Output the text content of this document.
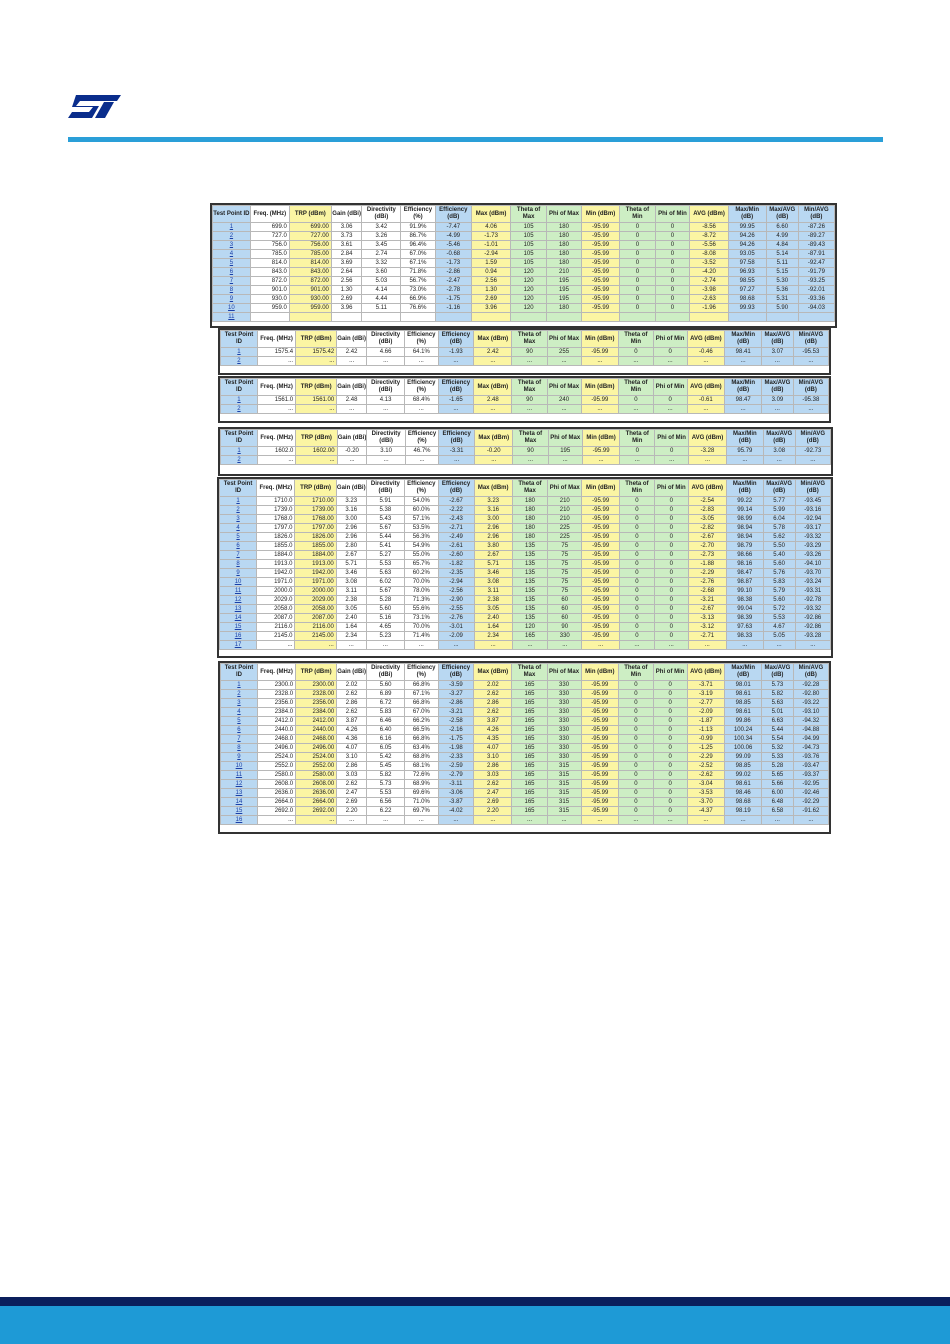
Test Point ID	Freq. (MHz)	TRP (dBm)	Gain (dBi)	Directivity (dBi)	Efficiency (%)	Efficiency (dB)	Max (dBm)	Theta of Max	Phi of Max	Min (dBm)	Theta of Min	Phi of Min	AVG (dBm)	Max/Min (dB)	Max/AVG (dB)	Min/AVG (dB)
1	699.0	699.00	3.06	3.42	91.9%	-7.47	4.06	105	180	-95.99	0	0	-8.56	99.95	6.60	-87.26
2	727.0	727.00	3.73	3.26	86.7%	-4.99	-1.73	105	180	-95.99	0	0	-8.72	94.26	4.99	-89.27
3	756.0	756.00	3.61	3.45	96.4%	-5.46	-1.01	105	180	-95.99	0	0	-5.56	94.26	4.84	-89.43
4	785.0	785.00	2.84	2.74	67.0%	-0.68	-2.94	105	180	-95.99	0	0	-8.08	93.05	5.14	-87.91
5	814.0	814.00	3.69	3.32	67.1%	-1.73	1.59	105	180	-95.99	0	0	-3.52	97.58	5.11	-92.47
6	843.0	843.00	2.64	3.60	71.8%	-2.86	0.94	120	210	-95.99	0	0	-4.20	96.93	5.15	-91.79
7	872.0	872.00	2.56	5.03	56.7%	-2.47	2.56	120	195	-95.99	0	0	-2.74	98.55	5.30	-93.25
8	901.0	901.00	1.30	4.14	73.0%	-2.78	1.30	120	195	-95.99	0	0	-3.98	97.27	5.36	-92.01
9	930.0	930.00	2.69	4.44	66.9%	-1.75	2.69	120	195	-95.99	0	0	-2.63	98.68	5.31	-93.36
10	959.0	959.00	3.96	5.11	76.6%	-1.16	3.96	120	180	-95.99	0	0	-1.96	99.93	5.90	-94.03
11																
Test Point ID	Freq. (MHz)	TRP (dBm)	Gain (dBi)	Directivity (dBi)	Efficiency (%)	Efficiency (dB)	Max (dBm)	Theta of Max	Phi of Max	Min (dBm)	Theta of Min	Phi of Min	AVG (dBm)	Max/Min (dB)	Max/AVG (dB)	Min/AVG (dB)
1	1575.4	1575.42	2.42	4.66	64.1%	-1.93	2.42	90	255	-95.99	0	0	-0.46	98.41	3.07	-95.53
2	...	...	...	...	...	...	...	...	...	...	...	...	...	...	...	...
Test Point ID	Freq. (MHz)	TRP (dBm)	Gain (dBi)	Directivity (dBi)	Efficiency (%)	Efficiency (dB)	Max (dBm)	Theta of Max	Phi of Max	Min (dBm)	Theta of Min	Phi of Min	AVG (dBm)	Max/Min (dB)	Max/AVG (dB)	Min/AVG (dB)
1	1561.0	1561.00	2.48	4.13	68.4%	-1.65	2.48	90	240	-95.99	0	0	-0.61	98.47	3.09	-95.38
2	...	...	...	...	...	...	...	...	...	...	...	...	...	...	...	...
Test Point ID	Freq. (MHz)	TRP (dBm)	Gain (dBi)	Directivity (dBi)	Efficiency (%)	Efficiency (dB)	Max (dBm)	Theta of Max	Phi of Max	Min (dBm)	Theta of Min	Phi of Min	AVG (dBm)	Max/Min (dB)	Max/AVG (dB)	Min/AVG (dB)
1	1602.0	1602.00	-0.20	3.10	46.7%	-3.31	-0.20	90	195	-95.99	0	0	-3.28	95.79	3.08	-92.73
2	...	...	...	...	...	...	...	...	...	...	...	...	...	...	...	...
Test Point ID	Freq. (MHz)	TRP (dBm)	Gain (dBi)	Directivity (dBi)	Efficiency (%)	Efficiency (dB)	Max (dBm)	Theta of Max	Phi of Max	Min (dBm)	Theta of Min	Phi of Min	AVG (dBm)	Max/Min (dB)	Max/AVG (dB)	Min/AVG (dB)
1	1710.0	1710.00	3.23	5.91	54.0%	-2.67	3.23	180	210	-95.99	0	0	-2.54	99.22	5.77	-93.45
2	1739.0	1739.00	3.16	5.38	60.0%	-2.22	3.16	180	210	-95.99	0	0	-2.83	99.14	5.99	-93.16
3	1768.0	1768.00	3.00	5.43	57.1%	-2.43	3.00	180	210	-95.99	0	0	-3.05	98.99	6.04	-92.94
4	1797.0	1797.00	2.96	5.67	53.5%	-2.71	2.96	180	225	-95.99	0	0	-2.82	98.94	5.78	-93.17
5	1826.0	1826.00	2.96	5.44	56.3%	-2.49	2.96	180	225	-95.99	0	0	-2.67	98.94	5.62	-93.32
6	1855.0	1855.00	2.80	5.41	54.9%	-2.61	3.80	135	75	-95.99	0	0	-2.70	98.79	5.50	-93.29
7	1884.0	1884.00	2.67	5.27	55.0%	-2.60	2.67	135	75	-95.99	0	0	-2.73	98.66	5.40	-93.26
8	1913.0	1913.00	5.71	5.53	65.7%	-1.82	5.71	135	75	-95.99	0	0	-1.88	98.16	5.60	-94.10
9	1942.0	1942.00	3.46	5.63	60.2%	-2.35	3.46	135	75	-95.99	0	0	-2.29	98.47	5.76	-93.70
10	1971.0	1971.00	3.08	6.02	70.0%	-2.94	3.08	135	75	-95.99	0	0	-2.76	98.87	5.83	-93.24
11	2000.0	2000.00	3.11	5.67	78.0%	-2.56	3.11	135	75	-95.99	0	0	-2.68	99.10	5.79	-93.31
12	2029.0	2029.00	2.38	5.28	71.3%	-2.90	2.38	135	60	-95.99	0	0	-3.21	98.38	5.60	-92.78
13	2058.0	2058.00	3.05	5.60	55.6%	-2.55	3.05	135	60	-95.99	0	0	-2.67	99.04	5.72	-93.32
14	2087.0	2087.00	2.40	5.16	73.1%	-2.76	2.40	135	60	-95.99	0	0	-3.13	98.39	5.53	-92.86
15	2116.0	2116.00	1.64	4.65	70.0%	-3.01	1.64	120	90	-95.99	0	0	-3.12	97.63	4.67	-92.86
16	2145.0	2145.00	2.34	5.23	71.4%	-2.09	2.34	165	330	-95.99	0	0	-2.71	98.33	5.05	-93.28
17	...	...	...	...	...	...	...	...	...	...	...	...	...	...	...	...
Test Point ID	Freq. (MHz)	TRP (dBm)	Gain (dBi)	Directivity (dBi)	Efficiency (%)	Efficiency (dB)	Max (dBm)	Theta of Max	Phi of Max	Min (dBm)	Theta of Min	Phi of Min	AVG (dBm)	Max/Min (dB)	Max/AVG (dB)	Min/AVG (dB)
1	2300.0	2300.00	2.02	5.60	66.8%	-3.59	2.02	165	330	-95.99	0	0	-3.71	98.01	5.73	-92.28
2	2328.0	2328.00	2.62	6.89	67.1%	-3.27	2.62	165	330	-95.99	0	0	-3.19	98.61	5.82	-92.80
3	2356.0	2356.00	2.86	6.72	66.8%	-2.86	2.86	165	330	-95.99	0	0	-2.77	98.85	5.63	-93.22
4	2384.0	2384.00	2.62	5.83	67.0%	-3.21	2.62	165	330	-95.99	0	0	-2.09	98.61	5.01	-93.10
5	2412.0	2412.00	3.87	6.46	66.2%	-2.58	3.87	165	330	-95.99	0	0	-1.87	99.86	6.63	-94.32
6	2440.0	2440.00	4.26	6.40	66.5%	-2.16	4.26	165	330	-95.99	0	0	-1.13	100.24	5.44	-94.88
7	2468.0	2468.00	4.36	6.16	66.8%	-1.75	4.35	165	330	-95.99	0	0	-0.99	100.34	5.54	-94.99
8	2496.0	2496.00	4.07	6.05	63.4%	-1.98	4.07	165	330	-95.99	0	0	-1.25	100.06	5.32	-94.73
9	2524.0	2524.00	3.10	5.42	68.8%	-2.33	3.10	165	330	-95.99	0	0	-2.29	99.09	5.33	-93.76
10	2552.0	2552.00	2.86	5.45	68.1%	-2.59	2.86	165	315	-95.99	0	0	-2.52	98.85	5.28	-93.47
11	2580.0	2580.00	3.03	5.82	72.6%	-2.79	3.03	165	315	-95.99	0	0	-2.62	99.02	5.65	-93.37
12	2608.0	2608.00	2.62	5.73	68.9%	-3.11	2.62	165	315	-95.99	0	0	-3.04	98.61	5.66	-92.95
13	2636.0	2636.00	2.47	5.53	69.6%	-3.06	2.47	165	315	-95.99	0	0	-3.53	98.46	6.00	-92.46
14	2664.0	2664.00	2.69	6.56	71.0%	-3.87	2.69	165	315	-95.99	0	0	-3.70	98.68	6.48	-92.29
15	2692.0	2692.00	2.20	6.22	69.7%	-4.02	2.20	165	315	-95.99	0	0	-4.37	98.19	6.58	-91.62
16	...	...	...	...	...	...	...	...	...	...	...	...	...	...	...	...
